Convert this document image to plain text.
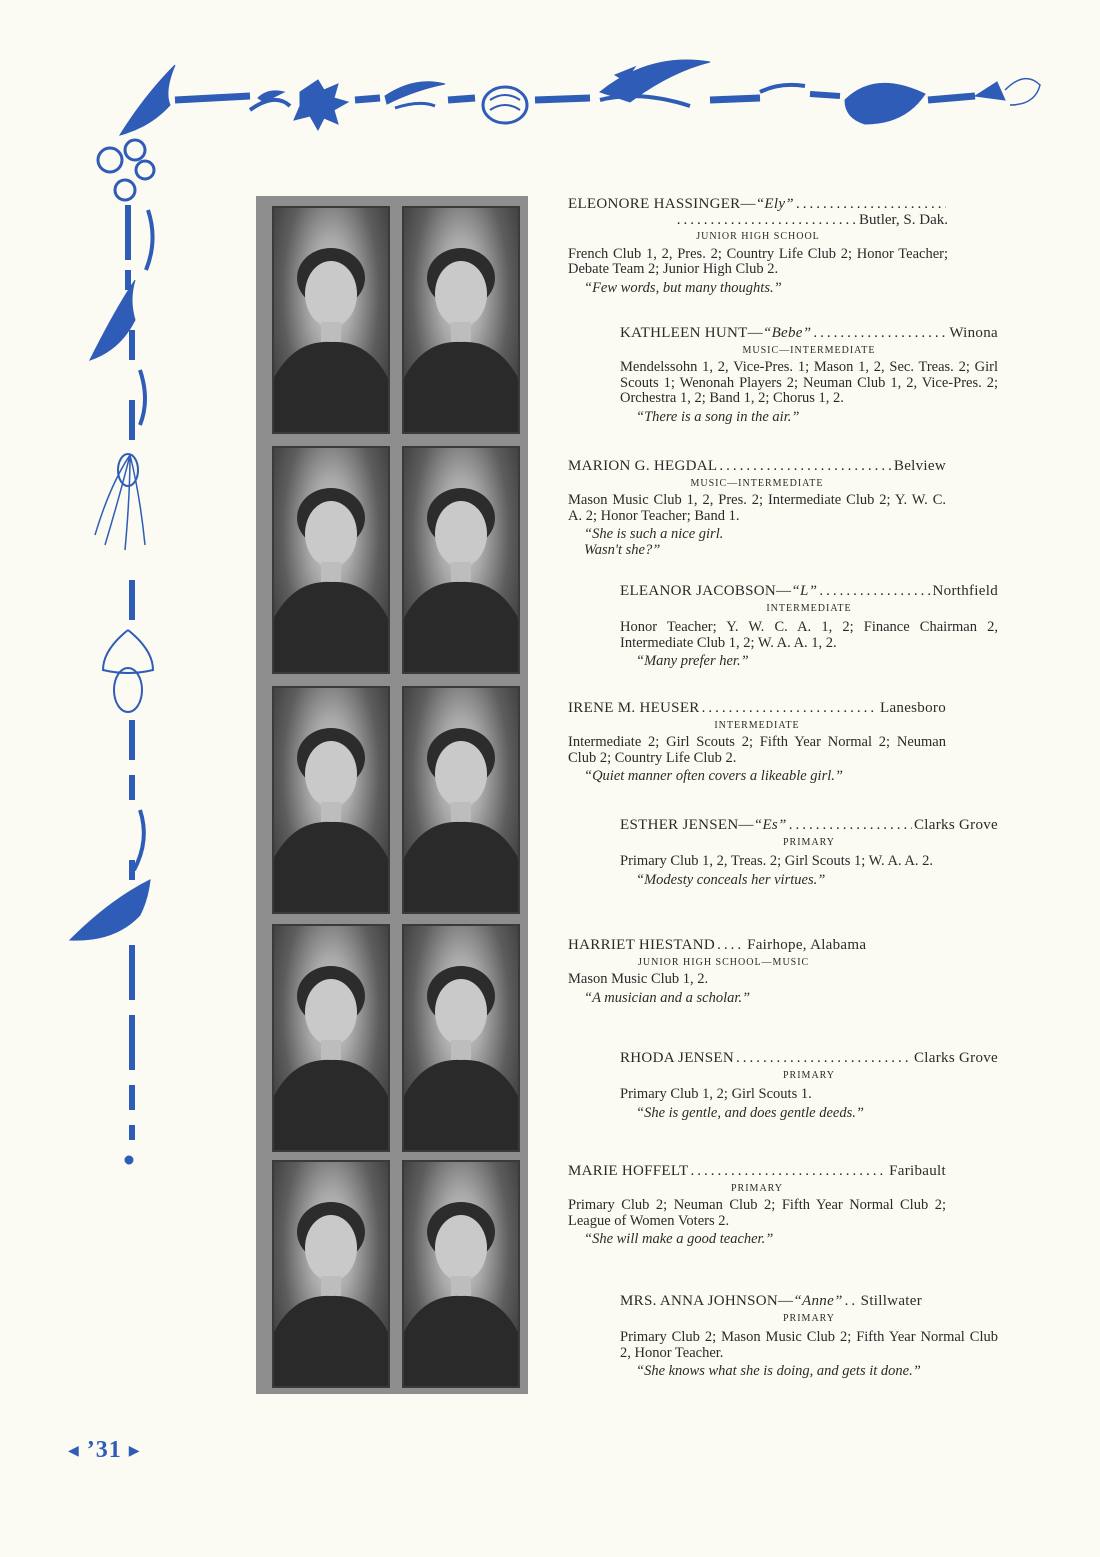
ELEONORE HASSINGER— “Ely”
.....
...........................Butler, S. Dak.
JUNIOR HIGH SCHOOL
French Club 1, 2, Pres. 2; Country Life Club 2; Honor Teacher; Debate Team 2; Junior High Club 2.
“Few words, but many thoughts.”
KATHLEEN HUNT— “Bebe” .....	Winona
MUSIC—INTERMEDIATE
Mendelssohn 1, 2, Vice-Pres. 1; Mason 1, 2, Sec. Treas. 2; Girl Scouts 1; Wenonah Players 2; Neuman Club 1, 2, Vice-Pres. 2; Orchestra 1, 2; Band 1, 2; Chorus 1, 2.
“There is a song in the air.”
MARION G. HEGDAL .....	Belview
MUSIC—INTERMEDIATE
Mason Music Club 1, 2, Pres. 2; Intermediate Club 2; Y. W. C. A. 2; Honor Teacher; Band 1.
“She is such a nice girl.
Wasn't she?”
ELEANOR JACOBSON— “L” .....	Northfield
INTERMEDIATE
Honor Teacher; Y. W. C. A. 1, 2; Finance Chairman 2, Intermediate Club 1, 2; W. A. A. 1, 2.
“Many prefer her.”
IRENE M. HEUSER .....	Lanesboro
INTERMEDIATE
Intermediate 2; Girl Scouts 2; Fifth Year Normal 2; Neuman Club 2; Country Life Club 2.
“Quiet manner often covers a likeable girl.”
ESTHER JENSEN— “Es” .....	Clarks Grove
PRIMARY
Primary Club 1, 2, Treas. 2; Girl Scouts 1; W. A. A. 2.
“Modesty conceals her virtues.”
HARRIET HIESTAND ..... Fairhope, Alabama
JUNIOR HIGH SCHOOL—MUSIC
Mason Music Club 1, 2.
“A musician and a scholar.”
RHODA JENSEN .....	Clarks Grove
PRIMARY
Primary Club 1, 2; Girl Scouts 1.
“She is gentle, and does gentle deeds.”
MARIE HOFFELT .....	Faribault
PRIMARY
Primary Club 2; Neuman Club 2; Fifth Year Normal Club 2; League of Women Voters 2.
“She will make a good teacher.”
MRS. ANNA JOHNSON— “Anne” ..... Stillwater
PRIMARY
Primary Club 2; Mason Music Club 2; Fifth Year Normal Club 2, Honor Teacher.
“She knows what she is doing, and gets it done.”
◀ ’31 ▶
